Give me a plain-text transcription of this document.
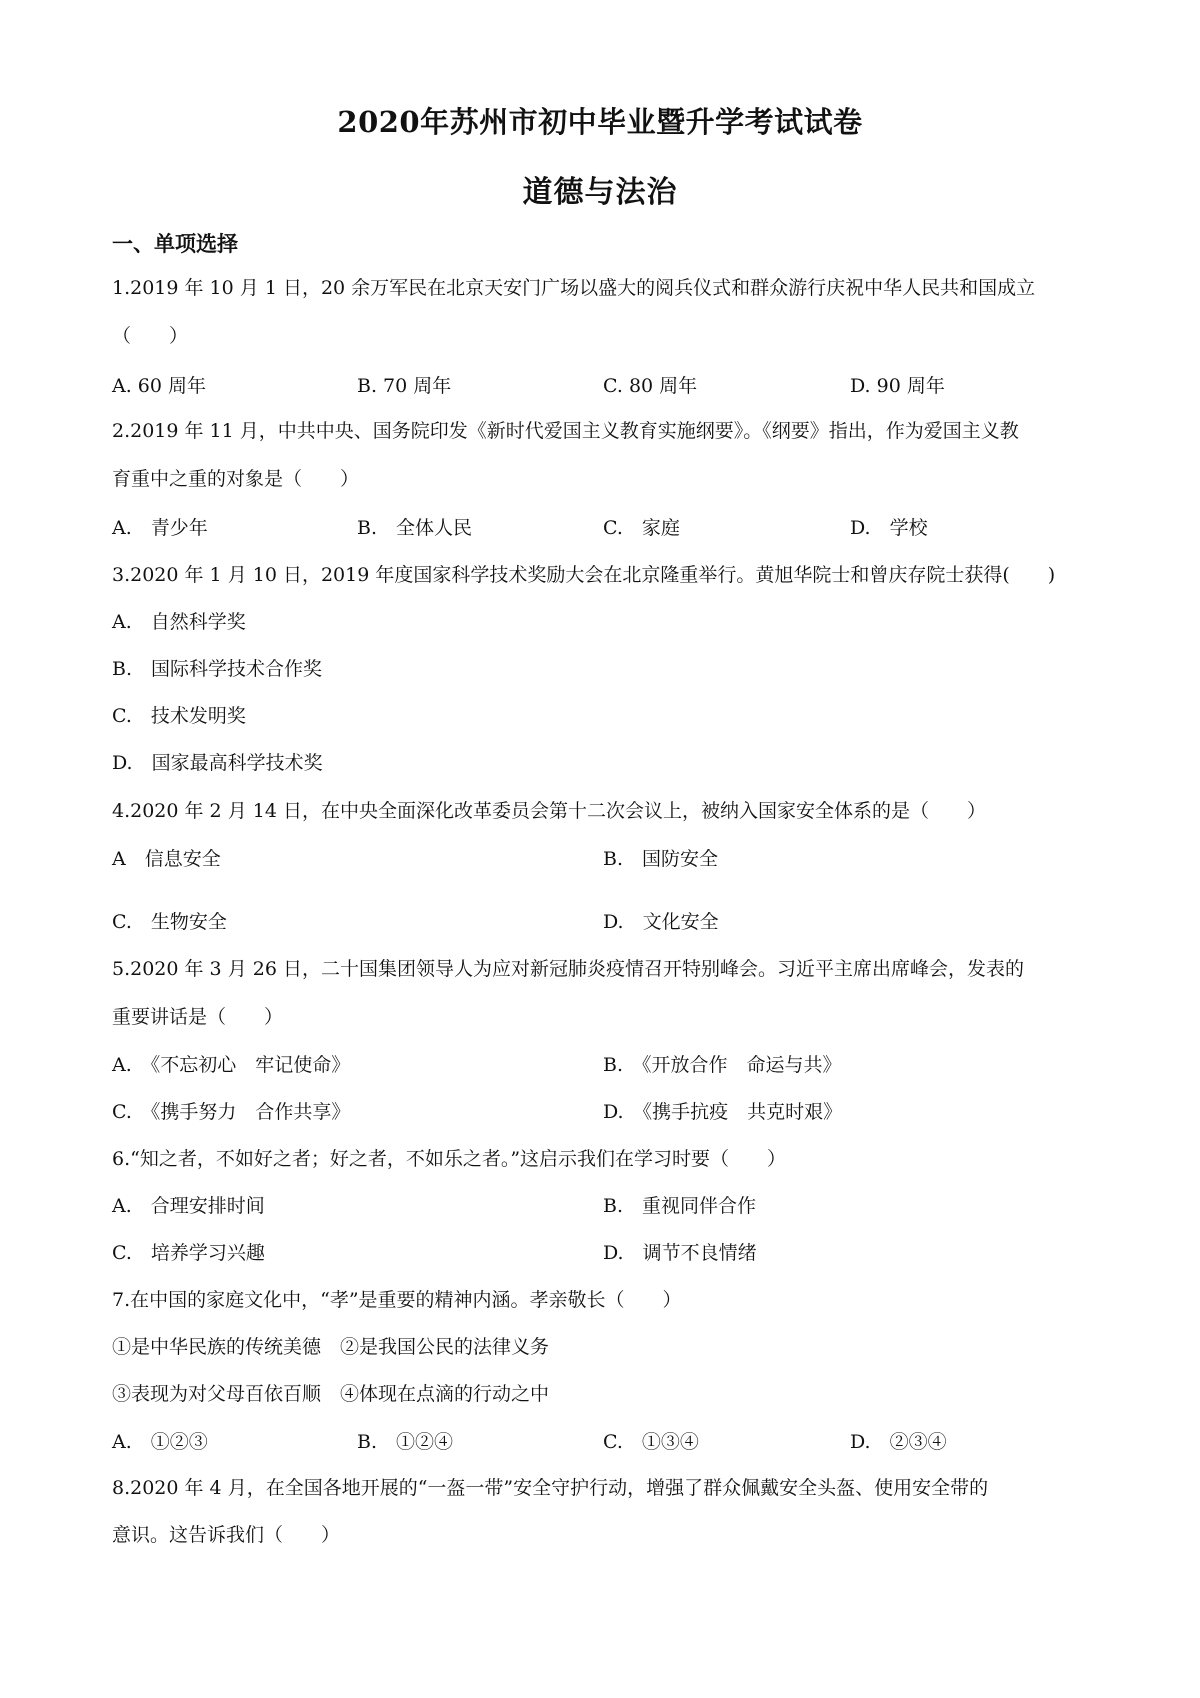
2020年苏州市初中毕业暨升学考试试卷
道德与法治
一、单项选择
1.2019 年 10 月 1 日，20 余万军民在北京天安门广场以盛大的阅兵仪式和群众游行庆祝中华人民共和国成立
（　　）
A. 60 周年	B. 70 周年	C. 80 周年	D. 90 周年
2.2019 年 11 月，中共中央、国务院印发《新时代爱国主义教育实施纲要》。《纲要》指出，作为爱国主义教
育重中之重的对象是（　　）
A.　青少年	B.　全体人民	C.　家庭	D.　学校
3.2020 年 1 月 10 日，2019 年度国家科学技术奖励大会在北京隆重举行。黄旭华院士和曾庆存院士获得(　　)
A.　自然科学奖
B.　国际科学技术合作奖
C.　技术发明奖
D.　国家最高科学技术奖
4.2020 年 2 月 14 日，在中央全面深化改革委员会第十二次会议上，被纳入国家安全体系的是（　　）
A　信息安全	B.　国防安全
C.　生物安全	D.　文化安全
5.2020 年 3 月 26 日，二十国集团领导人为应对新冠肺炎疫情召开特别峰会。习近平主席出席峰会，发表的
重要讲话是（　　）
A.　《不忘初心　牢记使命》	B.　《开放合作　命运与共》
C.　《携手努力　合作共享》	D.　《携手抗疫　共克时艰》
6.“知之者，不如好之者；好之者，不如乐之者。”这启示我们在学习时要（　　）
A.　合理安排时间	B.　重视同伴合作
C.　培养学习兴趣	D.　调节不良情绪
7.在中国的家庭文化中，“孝”是重要的精神内涵。孝亲敬长（　　）
①是中华民族的传统美德　②是我国公民的法律义务
③表现为对父母百依百顺　④体现在点滴的行动之中
A.　①②③	B.　①②④	C.　①③④	D.　②③④
8.2020 年 4 月，在全国各地开展的“一盔一带”安全守护行动，增强了群众佩戴安全头盔、使用安全带的
意识。这告诉我们（　　）
